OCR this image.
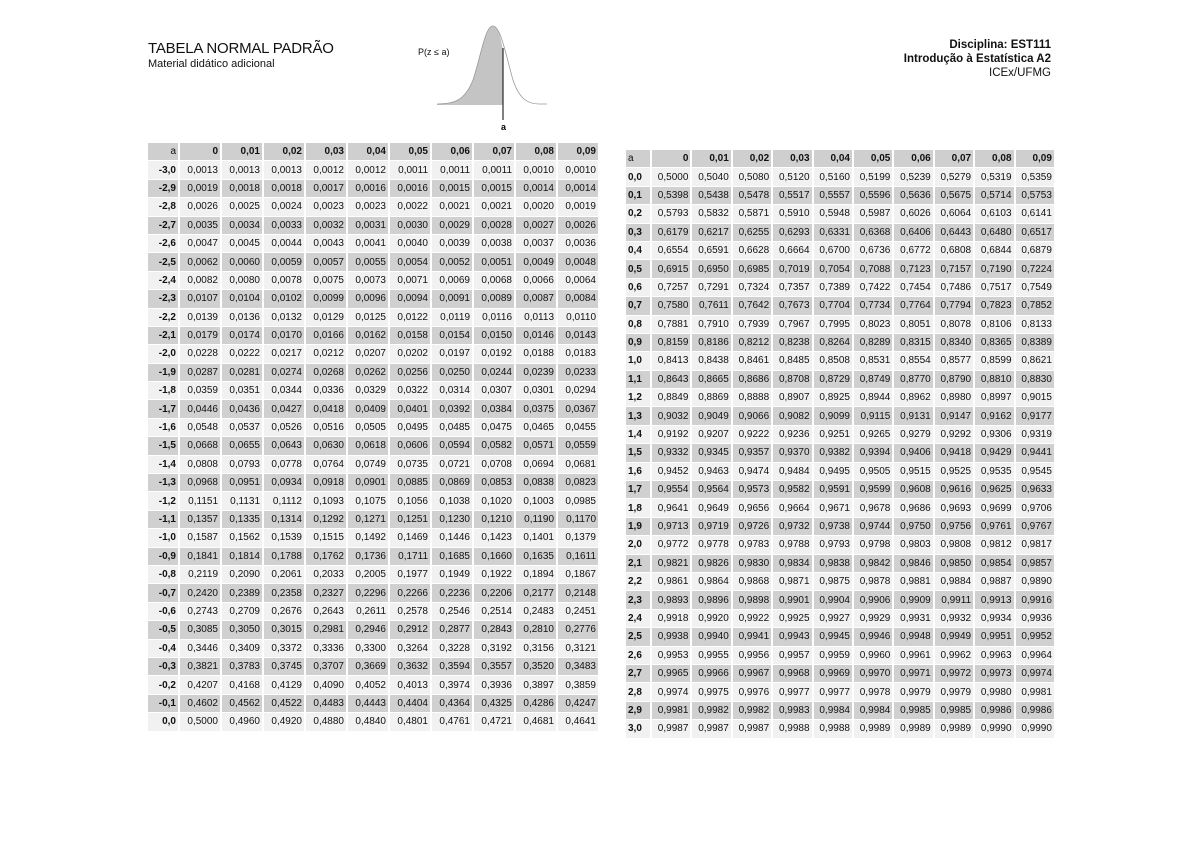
TABELA NORMAL PADRÃO
Material didático adicional
Disciplina: EST111
Introdução à Estatística A2
ICEx/UFMG
P(z ≤ a)
a
a	0	0,01	0,02	0,03	0,04	0,05	0,06	0,07	0,08	0,09
-3,0	0,0013	0,0013	0,0013	0,0012	0,0012	0,0011	0,0011	0,0011	0,0010	0,0010
-2,9	0,0019	0,0018	0,0018	0,0017	0,0016	0,0016	0,0015	0,0015	0,0014	0,0014
-2,8	0,0026	0,0025	0,0024	0,0023	0,0023	0,0022	0,0021	0,0021	0,0020	0,0019
-2,7	0,0035	0,0034	0,0033	0,0032	0,0031	0,0030	0,0029	0,0028	0,0027	0,0026
-2,6	0,0047	0,0045	0,0044	0,0043	0,0041	0,0040	0,0039	0,0038	0,0037	0,0036
-2,5	0,0062	0,0060	0,0059	0,0057	0,0055	0,0054	0,0052	0,0051	0,0049	0,0048
-2,4	0,0082	0,0080	0,0078	0,0075	0,0073	0,0071	0,0069	0,0068	0,0066	0,0064
-2,3	0,0107	0,0104	0,0102	0,0099	0,0096	0,0094	0,0091	0,0089	0,0087	0,0084
-2,2	0,0139	0,0136	0,0132	0,0129	0,0125	0,0122	0,0119	0,0116	0,0113	0,0110
-2,1	0,0179	0,0174	0,0170	0,0166	0,0162	0,0158	0,0154	0,0150	0,0146	0,0143
-2,0	0,0228	0,0222	0,0217	0,0212	0,0207	0,0202	0,0197	0,0192	0,0188	0,0183
-1,9	0,0287	0,0281	0,0274	0,0268	0,0262	0,0256	0,0250	0,0244	0,0239	0,0233
-1,8	0,0359	0,0351	0,0344	0,0336	0,0329	0,0322	0,0314	0,0307	0,0301	0,0294
-1,7	0,0446	0,0436	0,0427	0,0418	0,0409	0,0401	0,0392	0,0384	0,0375	0,0367
-1,6	0,0548	0,0537	0,0526	0,0516	0,0505	0,0495	0,0485	0,0475	0,0465	0,0455
-1,5	0,0668	0,0655	0,0643	0,0630	0,0618	0,0606	0,0594	0,0582	0,0571	0,0559
-1,4	0,0808	0,0793	0,0778	0,0764	0,0749	0,0735	0,0721	0,0708	0,0694	0,0681
-1,3	0,0968	0,0951	0,0934	0,0918	0,0901	0,0885	0,0869	0,0853	0,0838	0,0823
-1,2	0,1151	0,1131	0,1112	0,1093	0,1075	0,1056	0,1038	0,1020	0,1003	0,0985
-1,1	0,1357	0,1335	0,1314	0,1292	0,1271	0,1251	0,1230	0,1210	0,1190	0,1170
-1,0	0,1587	0,1562	0,1539	0,1515	0,1492	0,1469	0,1446	0,1423	0,1401	0,1379
-0,9	0,1841	0,1814	0,1788	0,1762	0,1736	0,1711	0,1685	0,1660	0,1635	0,1611
-0,8	0,2119	0,2090	0,2061	0,2033	0,2005	0,1977	0,1949	0,1922	0,1894	0,1867
-0,7	0,2420	0,2389	0,2358	0,2327	0,2296	0,2266	0,2236	0,2206	0,2177	0,2148
-0,6	0,2743	0,2709	0,2676	0,2643	0,2611	0,2578	0,2546	0,2514	0,2483	0,2451
-0,5	0,3085	0,3050	0,3015	0,2981	0,2946	0,2912	0,2877	0,2843	0,2810	0,2776
-0,4	0,3446	0,3409	0,3372	0,3336	0,3300	0,3264	0,3228	0,3192	0,3156	0,3121
-0,3	0,3821	0,3783	0,3745	0,3707	0,3669	0,3632	0,3594	0,3557	0,3520	0,3483
-0,2	0,4207	0,4168	0,4129	0,4090	0,4052	0,4013	0,3974	0,3936	0,3897	0,3859
-0,1	0,4602	0,4562	0,4522	0,4483	0,4443	0,4404	0,4364	0,4325	0,4286	0,4247
0,0	0,5000	0,4960	0,4920	0,4880	0,4840	0,4801	0,4761	0,4721	0,4681	0,4641
a	0	0,01	0,02	0,03	0,04	0,05	0,06	0,07	0,08	0,09
0,0	0,5000	0,5040	0,5080	0,5120	0,5160	0,5199	0,5239	0,5279	0,5319	0,5359
0,1	0,5398	0,5438	0,5478	0,5517	0,5557	0,5596	0,5636	0,5675	0,5714	0,5753
0,2	0,5793	0,5832	0,5871	0,5910	0,5948	0,5987	0,6026	0,6064	0,6103	0,6141
0,3	0,6179	0,6217	0,6255	0,6293	0,6331	0,6368	0,6406	0,6443	0,6480	0,6517
0,4	0,6554	0,6591	0,6628	0,6664	0,6700	0,6736	0,6772	0,6808	0,6844	0,6879
0,5	0,6915	0,6950	0,6985	0,7019	0,7054	0,7088	0,7123	0,7157	0,7190	0,7224
0,6	0,7257	0,7291	0,7324	0,7357	0,7389	0,7422	0,7454	0,7486	0,7517	0,7549
0,7	0,7580	0,7611	0,7642	0,7673	0,7704	0,7734	0,7764	0,7794	0,7823	0,7852
0,8	0,7881	0,7910	0,7939	0,7967	0,7995	0,8023	0,8051	0,8078	0,8106	0,8133
0,9	0,8159	0,8186	0,8212	0,8238	0,8264	0,8289	0,8315	0,8340	0,8365	0,8389
1,0	0,8413	0,8438	0,8461	0,8485	0,8508	0,8531	0,8554	0,8577	0,8599	0,8621
1,1	0,8643	0,8665	0,8686	0,8708	0,8729	0,8749	0,8770	0,8790	0,8810	0,8830
1,2	0,8849	0,8869	0,8888	0,8907	0,8925	0,8944	0,8962	0,8980	0,8997	0,9015
1,3	0,9032	0,9049	0,9066	0,9082	0,9099	0,9115	0,9131	0,9147	0,9162	0,9177
1,4	0,9192	0,9207	0,9222	0,9236	0,9251	0,9265	0,9279	0,9292	0,9306	0,9319
1,5	0,9332	0,9345	0,9357	0,9370	0,9382	0,9394	0,9406	0,9418	0,9429	0,9441
1,6	0,9452	0,9463	0,9474	0,9484	0,9495	0,9505	0,9515	0,9525	0,9535	0,9545
1,7	0,9554	0,9564	0,9573	0,9582	0,9591	0,9599	0,9608	0,9616	0,9625	0,9633
1,8	0,9641	0,9649	0,9656	0,9664	0,9671	0,9678	0,9686	0,9693	0,9699	0,9706
1,9	0,9713	0,9719	0,9726	0,9732	0,9738	0,9744	0,9750	0,9756	0,9761	0,9767
2,0	0,9772	0,9778	0,9783	0,9788	0,9793	0,9798	0,9803	0,9808	0,9812	0,9817
2,1	0,9821	0,9826	0,9830	0,9834	0,9838	0,9842	0,9846	0,9850	0,9854	0,9857
2,2	0,9861	0,9864	0,9868	0,9871	0,9875	0,9878	0,9881	0,9884	0,9887	0,9890
2,3	0,9893	0,9896	0,9898	0,9901	0,9904	0,9906	0,9909	0,9911	0,9913	0,9916
2,4	0,9918	0,9920	0,9922	0,9925	0,9927	0,9929	0,9931	0,9932	0,9934	0,9936
2,5	0,9938	0,9940	0,9941	0,9943	0,9945	0,9946	0,9948	0,9949	0,9951	0,9952
2,6	0,9953	0,9955	0,9956	0,9957	0,9959	0,9960	0,9961	0,9962	0,9963	0,9964
2,7	0,9965	0,9966	0,9967	0,9968	0,9969	0,9970	0,9971	0,9972	0,9973	0,9974
2,8	0,9974	0,9975	0,9976	0,9977	0,9977	0,9978	0,9979	0,9979	0,9980	0,9981
2,9	0,9981	0,9982	0,9982	0,9983	0,9984	0,9984	0,9985	0,9985	0,9986	0,9986
3,0	0,9987	0,9987	0,9987	0,9988	0,9988	0,9989	0,9989	0,9989	0,9990	0,9990
